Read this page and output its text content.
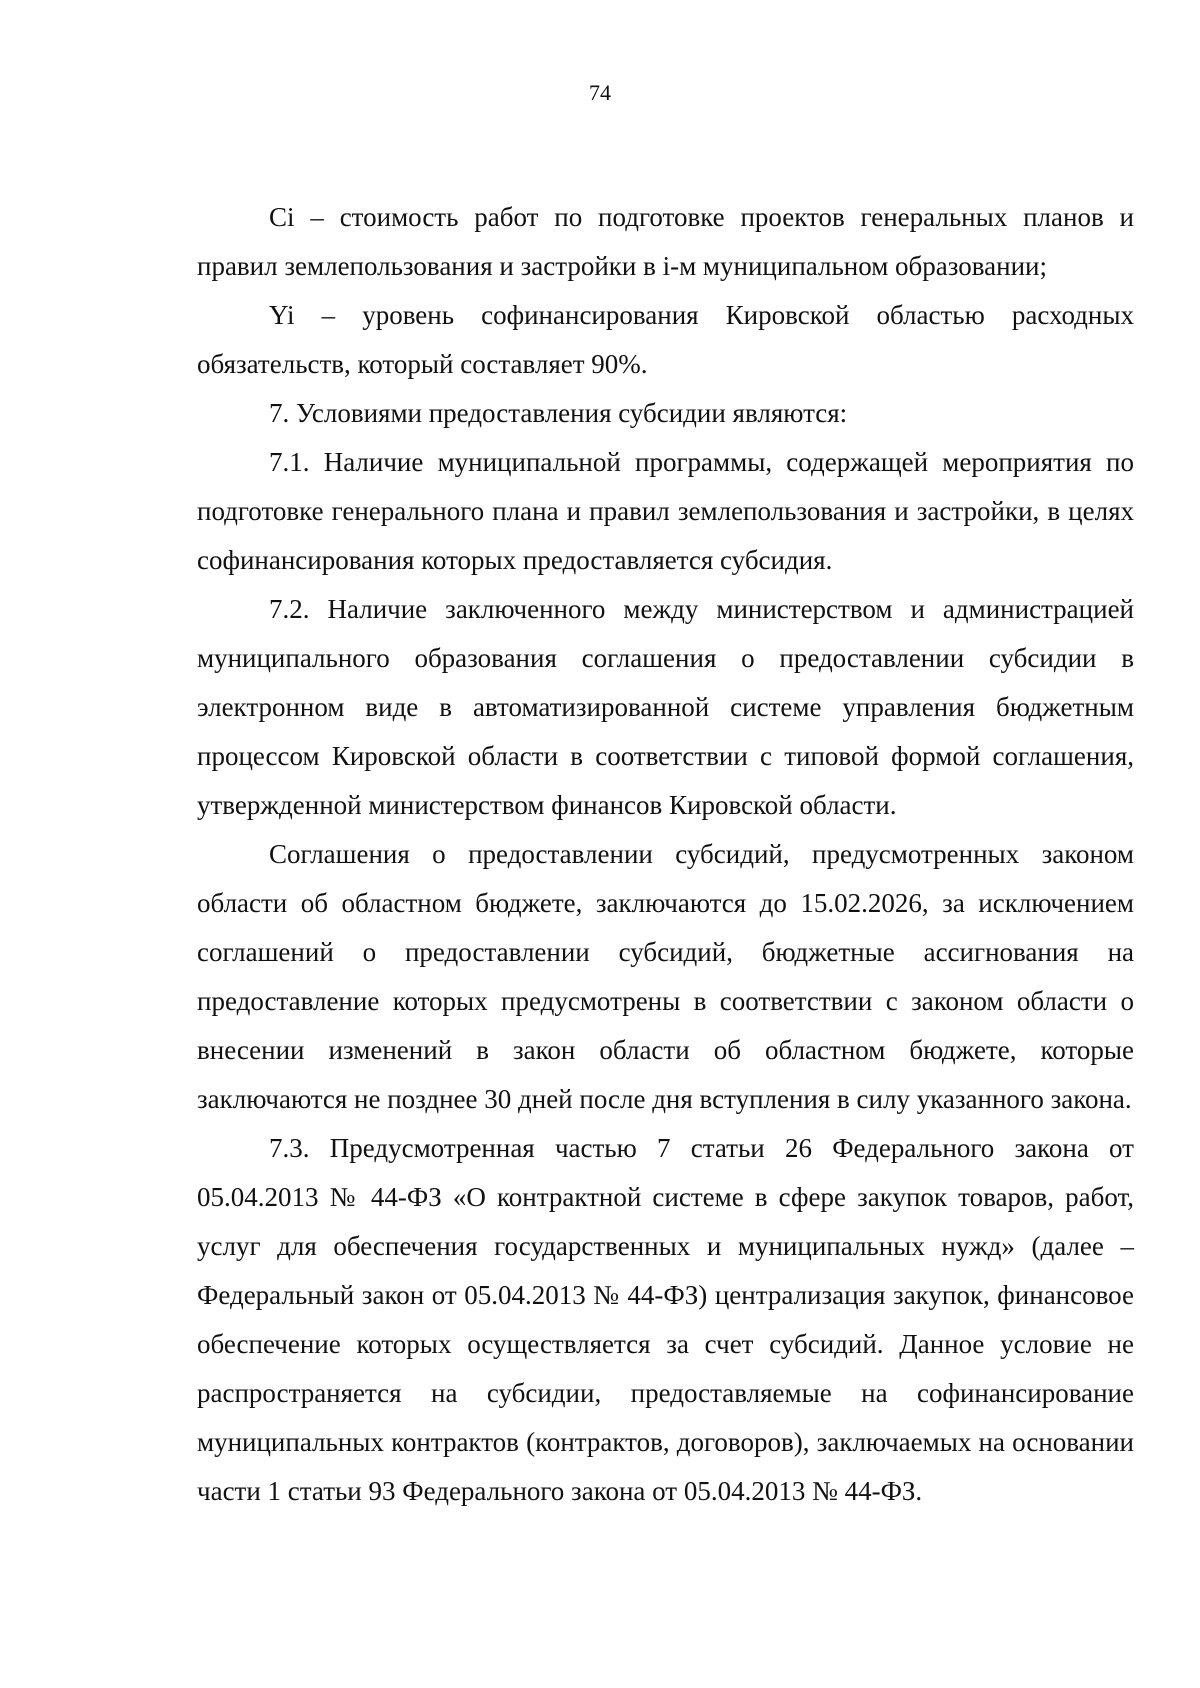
74

Ci – стоимость работ по подготовке проектов генеральных планов и правил землепользования и застройки в i-м муниципальном образовании;

Yi – уровень софинансирования Кировской областью расходных обязательств, который составляет 90%.

7. Условиями предоставления субсидии являются:

7.1. Наличие муниципальной программы, содержащей мероприятия по подготовке генерального плана и правил землепользования и застройки, в целях софинансирования которых предоставляется субсидия.

7.2. Наличие заключенного между министерством и администрацией муниципального образования соглашения о предоставлении субсидии в электронном виде в автоматизированной системе управления бюджетным процессом Кировской области в соответствии с типовой формой соглашения, утвержденной министерством финансов Кировской области.

Соглашения о предоставлении субсидий, предусмотренных законом области об областном бюджете, заключаются до 15.02.2026, за исключением соглашений о предоставлении субсидий, бюджетные ассигнования на предоставление которых предусмотрены в соответствии с законом области о внесении изменений в закон области об областном бюджете, которые заключаются не позднее 30 дней после дня вступления в силу указанного закона.

7.3. Предусмотренная частью 7 статьи 26 Федерального закона от 05.04.2013 № 44-ФЗ «О контрактной системе в сфере закупок товаров, работ, услуг для обеспечения государственных и муниципальных нужд» (далее – Федеральный закон от 05.04.2013 № 44-ФЗ) централизация закупок, финансовое обеспечение которых осуществляется за счет субсидий. Данное условие не распространяется на субсидии, предоставляемые на софинансирование муниципальных контрактов (контрактов, договоров), заключаемых на основании части 1 статьи 93 Федерального закона от 05.04.2013 № 44-ФЗ.
